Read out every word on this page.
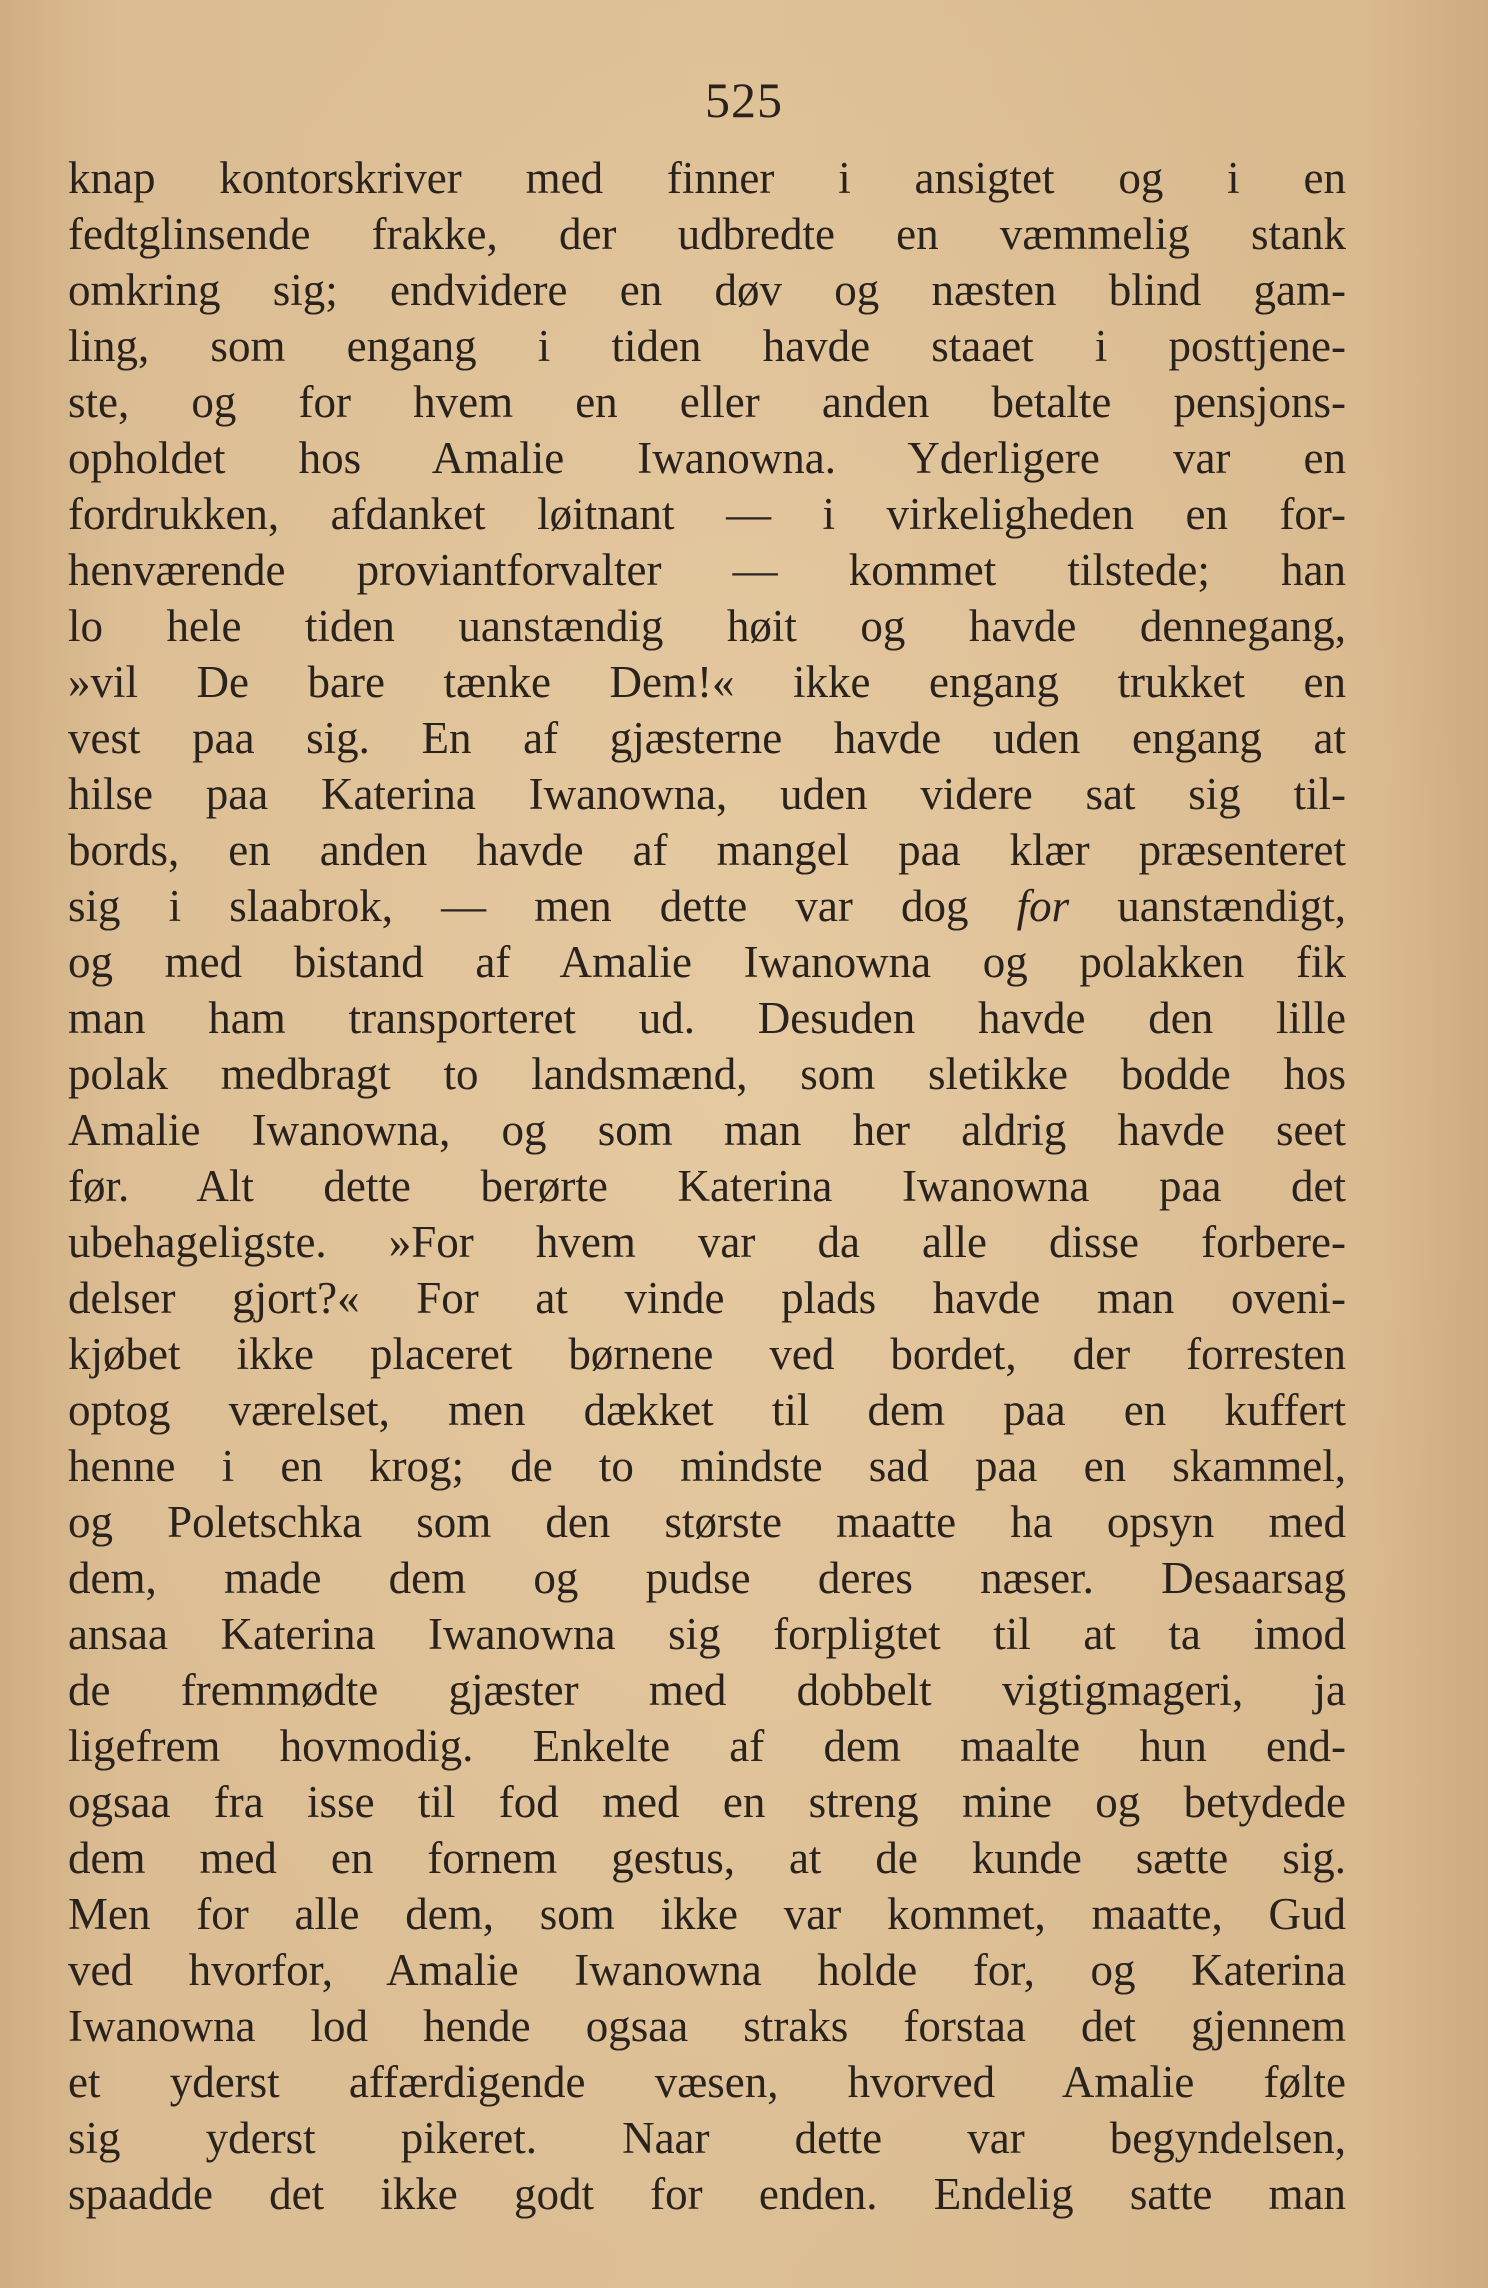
525
knap kontorskriver med finner i ansigtet og i en
fedtglinsende frakke, der udbredte en væmmelig stank
omkring sig; endvidere en døv og næsten blind gam-
ling, som engang i tiden havde staaet i posttjene-
ste, og for hvem en eller anden betalte pensjons-
opholdet hos Amalie Iwanowna. Yderligere var en
fordrukken, afdanket løitnant — i virkeligheden en for-
henværende proviantforvalter — kommet tilstede; han
lo hele tiden uanstændig høit og havde dennegang,
»vil De bare tænke Dem!« ikke engang trukket en
vest paa sig. En af gjæsterne havde uden engang at
hilse paa Katerina Iwanowna, uden videre sat sig til-
bords, en anden havde af mangel paa klær præsenteret
sig i slaabrok, — men dette var dog for uanstændigt,
og med bistand af Amalie Iwanowna og polakken fik
man ham transporteret ud. Desuden havde den lille
polak medbragt to landsmænd, som sletikke bodde hos
Amalie Iwanowna, og som man her aldrig havde seet
før. Alt dette berørte Katerina Iwanowna paa det
ubehageligste. »For hvem var da alle disse forbere-
delser gjort?« For at vinde plads havde man oveni-
kjøbet ikke placeret børnene ved bordet, der forresten
optog værelset, men dækket til dem paa en kuffert
henne i en krog; de to mindste sad paa en skammel,
og Poletschka som den største maatte ha opsyn med
dem, made dem og pudse deres næser. Desaarsag
ansaa Katerina Iwanowna sig forpligtet til at ta imod
de fremmødte gjæster med dobbelt vigtigmageri, ja
ligefrem hovmodig. Enkelte af dem maalte hun end-
ogsaa fra isse til fod med en streng mine og betydede
dem med en fornem gestus, at de kunde sætte sig.
Men for alle dem, som ikke var kommet, maatte, Gud
ved hvorfor, Amalie Iwanowna holde for, og Katerina
Iwanowna lod hende ogsaa straks forstaa det gjennem
et yderst affærdigende væsen, hvorved Amalie følte
sig yderst pikeret. Naar dette var begyndelsen,
spaadde det ikke godt for enden. Endelig satte man
